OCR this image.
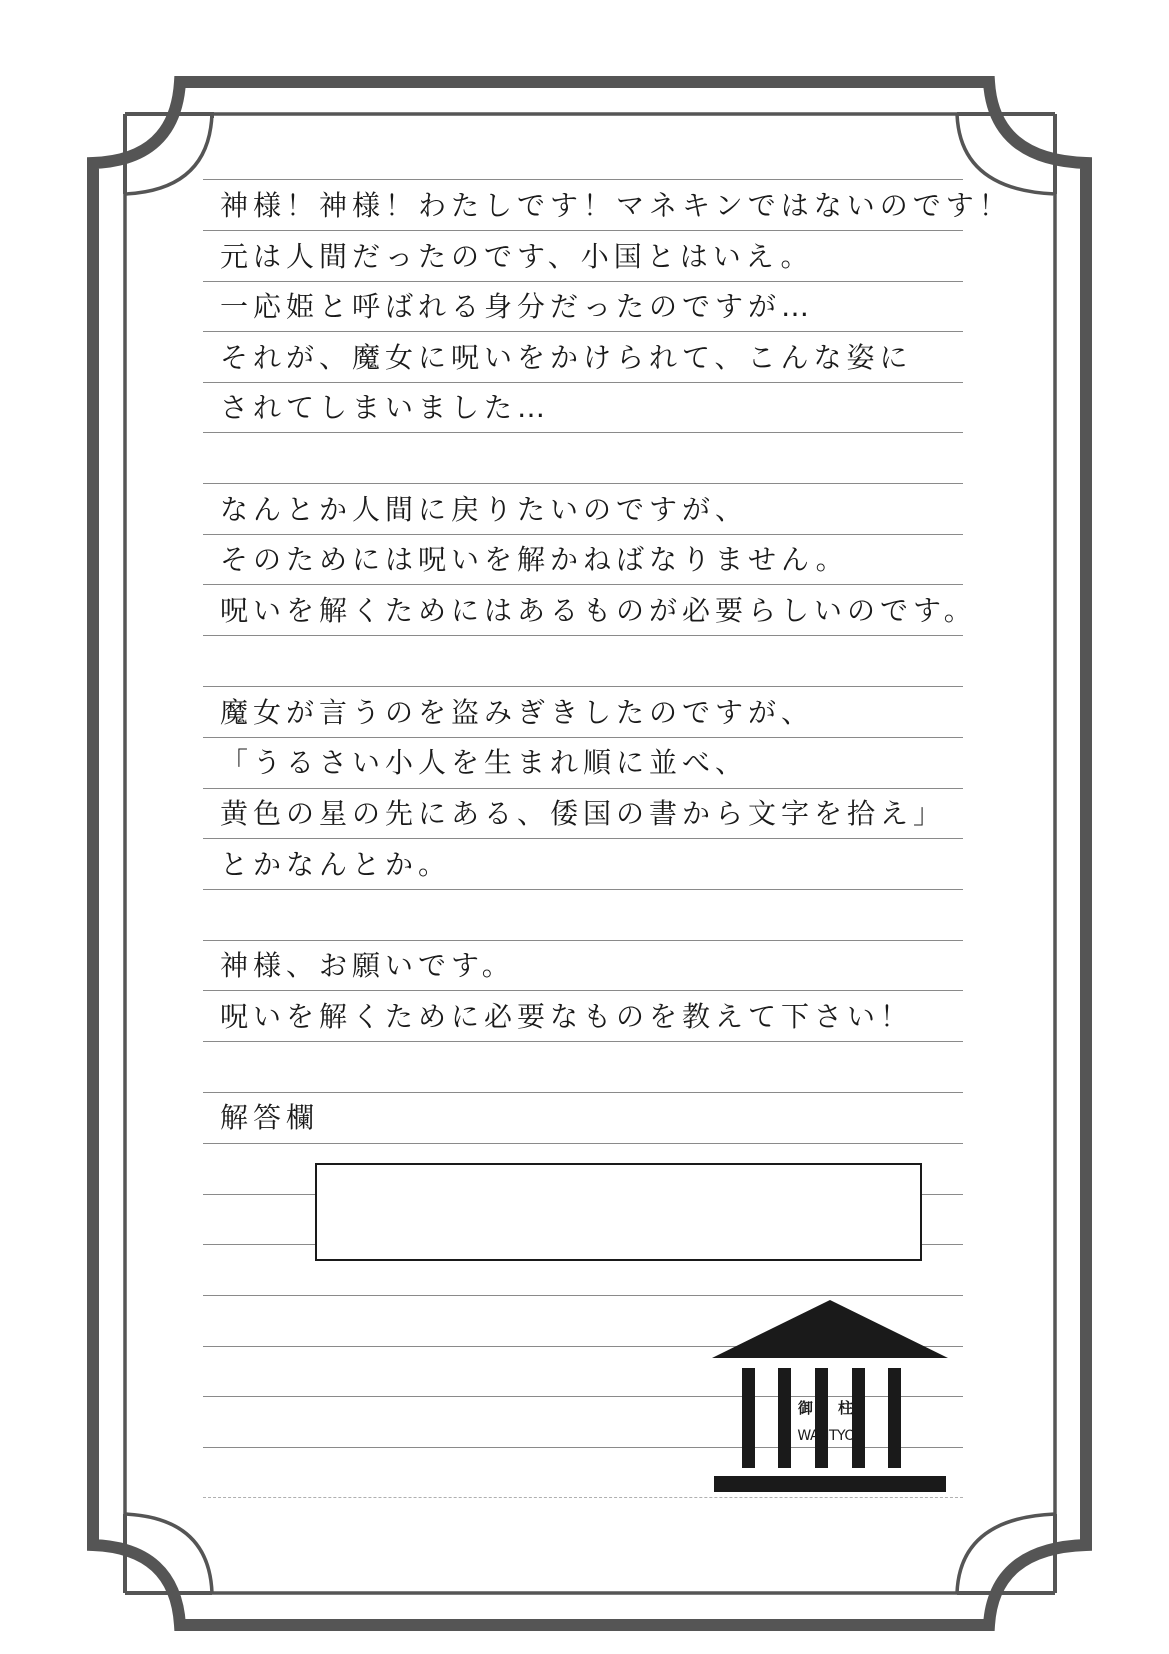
神様！神様！わたしです！マネキンではないのです！
元は人間だったのです、小国とはいえ。
一応姫と呼ばれる身分だったのですが…
それが、魔女に呪いをかけられて、こんな姿に
されてしまいました…
なんとか人間に戻りたいのですが、
そのためには呪いを解かねばなりません。
呪いを解くためにはあるものが必要らしいのです。
魔女が言うのを盗みぎきしたのですが、
「うるさい小人を生まれ順に並べ、
黄色の星の先にある、倭国の書から文字を拾え」
とかなんとか。
神様、お願いです。
呪いを解くために必要なものを教えて下さい！
解答欄
御 柱
WANTYOU
